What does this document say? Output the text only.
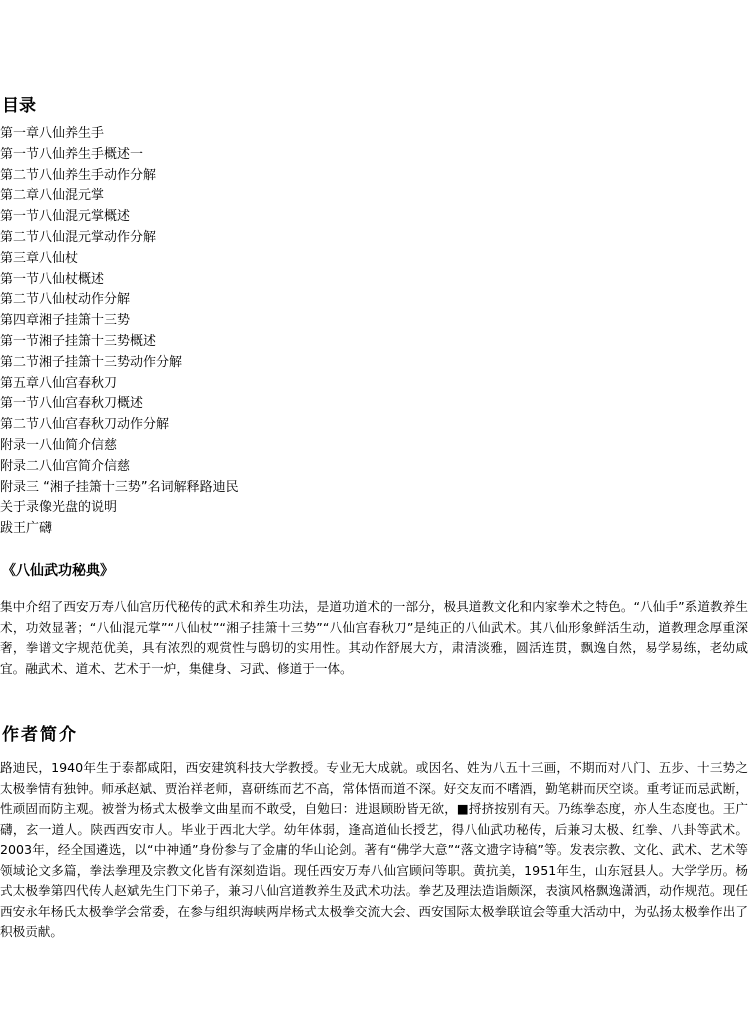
目录
第一章八仙养生手
第一节八仙养生手概述一
第二节八仙养生手动作分解
第二章八仙混元掌
第一节八仙混元掌概述
第二节八仙混元掌动作分解
第三章八仙杖
第一节八仙杖概述
第二节八仙杖动作分解
第四章湘子挂箫十三势
第一节湘子挂箫十三势概述
第二节湘子挂箫十三势动作分解
第五章八仙宫春秋刀
第一节八仙宫春秋刀概述
第二节八仙宫春秋刀动作分解
附录一八仙简介信慈
附录二八仙宫简介信慈
附录三 “湘子挂箫十三势”名词解释路迪民
关于录像光盘的说明
跋王广礴
《八仙武功秘典》

集中介绍了西安万寿八仙宫历代秘传的武术和养生功法，是道功道术的一部分，极具道教文化和内家拳术之特色。“八仙手”系道教养生术，功效显著；“八仙混元掌”“八仙杖”“湘子挂箫十三势”“八仙宫春秋刀”是纯正的八仙武术。其八仙形象鲜活生动，道教理念厚重深奢，拳谱文字规范优美，具有浓烈的观赏性与鸱切的实用性。其动作舒展大方，肃清淡雅，圆活连贯，飘逸自然，易学易练，老幼咸宜。融武术、道术、艺术于一炉，集健身、习武、修道于一体。

作者简介

路迪民，1940年生于泰都咸阳，西安建筑科技大学教授。专业无大成就。或因名、姓为八五十三画，不期而对八门、五步、十三势之太极拳情有独钟。师承赵斌、贾治祥老师，喜研练而艺不高，常体悟而道不深。好交友而不嗜酒，勤笔耕而厌空谈。重考证而忌武断，性顽固而防主观。被誉为杨式太极拳文曲星而不敢受，自勉曰：进退顾盼皆无欲，■捋挤按别有天。乃练拳态度，亦人生态度也。王广礴，玄一道人。陕西西安市人。毕业于西北大学。幼年体弱，逢高道仙长授艺，得八仙武功秘传，后兼习太极、红拳、八卦等武术。2003年，经全国遴选，以“中神通”身份参与了金庸的华山论剑。著有“佛学大意”“落文遗字诗稿”等。发表宗教、文化、武术、艺术等领域论文多篇，拳法拳理及宗教文化皆有深刻造诣。现任西安万寿八仙宫顾问等职。黄抗美，1951年生，山东冠县人。大学学历。杨式太极拳第四代传人赵斌先生门下弟子，兼习八仙宫道教养生及武术功法。拳艺及理法造诣颇深，表演风格飘逸潇洒，动作规范。现任西安永年杨氏太极拳学会常委，在参与组织海峡两岸杨式太极拳交流大会、西安国际太极拳联谊会等重大活动中，为弘扬太极拳作出了积极贡献。
